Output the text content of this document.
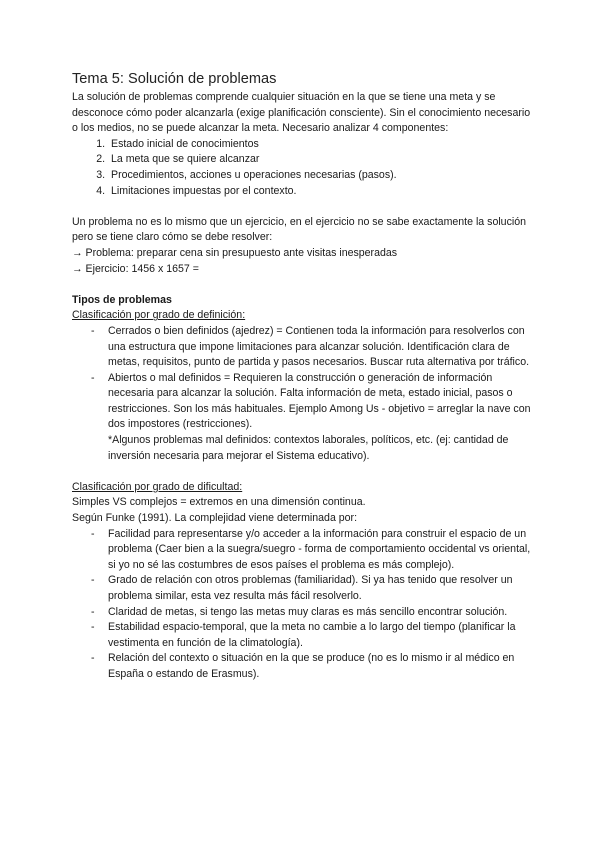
Tema 5: Solución de problemas

La solución de problemas comprende cualquier situación en la que se tiene una meta y se desconoce cómo poder alcanzarla (exige planificación consciente). Sin el conocimiento necesario o los medios, no se puede alcanzar la meta. Necesario analizar 4 componentes:

1. Estado inicial de conocimientos
2. La meta que se quiere alcanzar
3. Procedimientos, acciones u operaciones necesarias (pasos).
4. Limitaciones impuestas por el contexto.

Un problema no es lo mismo que un ejercicio, en el ejercicio no se sabe exactamente la solución pero se tiene claro cómo se debe resolver:

→ Problema: preparar cena sin presupuesto ante visitas inesperadas

→ Ejercicio: 1456 x 1657 =

Tipos de problemas

Clasificación por grado de definición:

- Cerrados o bien definidos (ajedrez) = Contienen toda la información para resolverlos con una estructura que impone limitaciones para alcanzar solución. Identificación clara de metas, requisitos, punto de partida y pasos necesarios. Buscar ruta alternativa por tráfico.
- Abiertos o mal definidos = Requieren la construcción o generación de información necesaria para alcanzar la solución. Falta información de meta, estado inicial, pasos o restricciones. Son los más habituales. Ejemplo Among Us - objetivo = arreglar la nave con dos impostores (restricciones).

*Algunos problemas mal definidos: contextos laborales, políticos, etc. (ej: cantidad de inversión necesaria para mejorar el Sistema educativo).

Clasificación por grado de dificultad:

Simples VS complejos = extremos en una dimensión continua.

Según Funke (1991). La complejidad viene determinada por:

- Facilidad para representarse y/o acceder a la información para construir el espacio de un problema (Caer bien a la suegra/suegro - forma de comportamiento occidental vs oriental, si yo no sé las costumbres de esos países el problema es más complejo).
- Grado de relación con otros problemas (familiaridad). Si ya has tenido que resolver un problema similar, esta vez resulta más fácil resolverlo.
- Claridad de metas, si tengo las metas muy claras es más sencillo encontrar solución.
- Estabilidad espacio-temporal, que la meta no cambie a lo largo del tiempo (planificar la vestimenta en función de la climatología).
- Relación del contexto o situación en la que se produce (no es lo mismo ir al médico en España o estando de Erasmus).
